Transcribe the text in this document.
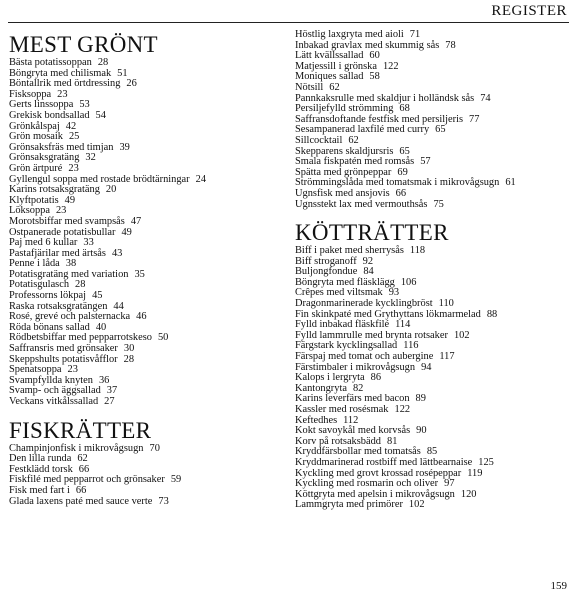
REGISTER
MEST GRÖNT
Bästa potatissoppan 28
Böngryta med chilismak 51
Böntallrik med örtdressing 26
Fisksoppa 23
Gerts linssoppa 53
Grekisk bondsallad 54
Grönkålspaj 42
Grön mosaik 25
Grönsaksfräs med timjan 39
Grönsaksgratäng 32
Grön ärtpuré 23
Gyllengul soppa med rostade brödtärningar 24
Karins rotsaksgratäng 20
Klyftpotatis 49
Löksoppa 23
Morotsbiffar med svampsås 47
Ostpanerade potatisbullar 49
Paj med 6 kullar 33
Pastafjärilar med ärtsås 43
Penne i låda 38
Potatisgratäng med variation 35
Potatisgulasch 28
Professorns lökpaj 45
Raska rotsaksgratängen 44
Rosé, grevé och palsternacka 46
Röda bönans sallad 40
Rödbetsbiffar med pepparrotskeso 50
Saffransris med grönsaker 30
Skeppshults potatisvåfflor 28
Spenatsoppa 23
Svampfyllda knyten 36
Svamp- och äggsallad 37
Veckans vitkålssallad 27
FISKRÄTTER
Champinjonfisk i mikrovågsugn 70
Den lilla runda 62
Festklädd torsk 66
Fiskfilé med pepparrot och grönsaker 59
Fisk med fart i 66
Glada laxens paté med sauce verte 73
Höstlig laxgryta med aioli 71
Inbakad gravlax med skummig sås 78
Lätt kvällssallad 60
Matjessill i grönska 122
Moniques sallad 58
Nötsill 62
Pannkaksrulle med skaldjur i holländsk sås 74
Persiljefylld strömming 68
Saffransdoftande festfisk med persiljeris 77
Sesampanerad laxfilé med curry 65
Sillcocktail 62
Skepparens skaldjursris 65
Smala fiskpatén med romsås 57
Spätta med grönpeppar 69
Strömmingslåda med tomatsmak i mikrovågsugn 61
Ugnsfisk med ansjovis 66
Ugnsstekt lax med vermouthsås 75
KÖTTRÄTTER
Biff i paket med sherrysås 118
Biff stroganoff 92
Buljongfondue 84
Böngryta med fläsklägg 106
Crêpes med viltsmak 93
Dragonmarinerade kycklingbröst 110
Fin skinkpaté med Grythyttans lökmarmelad 88
Fylld inbakad fläskfilé 114
Fylld lammrulle med brynta rotsaker 102
Färgstark kycklingsallad 116
Färspaj med tomat och aubergine 117
Färstimbaler i mikrovågsugn 94
Kalops i lergryta 86
Kantongryta 82
Karins leverfärs med bacon 89
Kassler med rosésmak 122
Keftedhes 112
Kokt savoykål med korvsås 90
Korv på rotsaksbädd 81
Kryddfärsbollar med tomatsås 85
Kryddmarinerad rostbiff med lättbearnaise 125
Kyckling med grovt krossad rosépeppar 119
Kyckling med rosmarin och oliver 97
Köttgryta med apelsin i mikrovågsugn 120
Lammgryta med primörer 102
159
